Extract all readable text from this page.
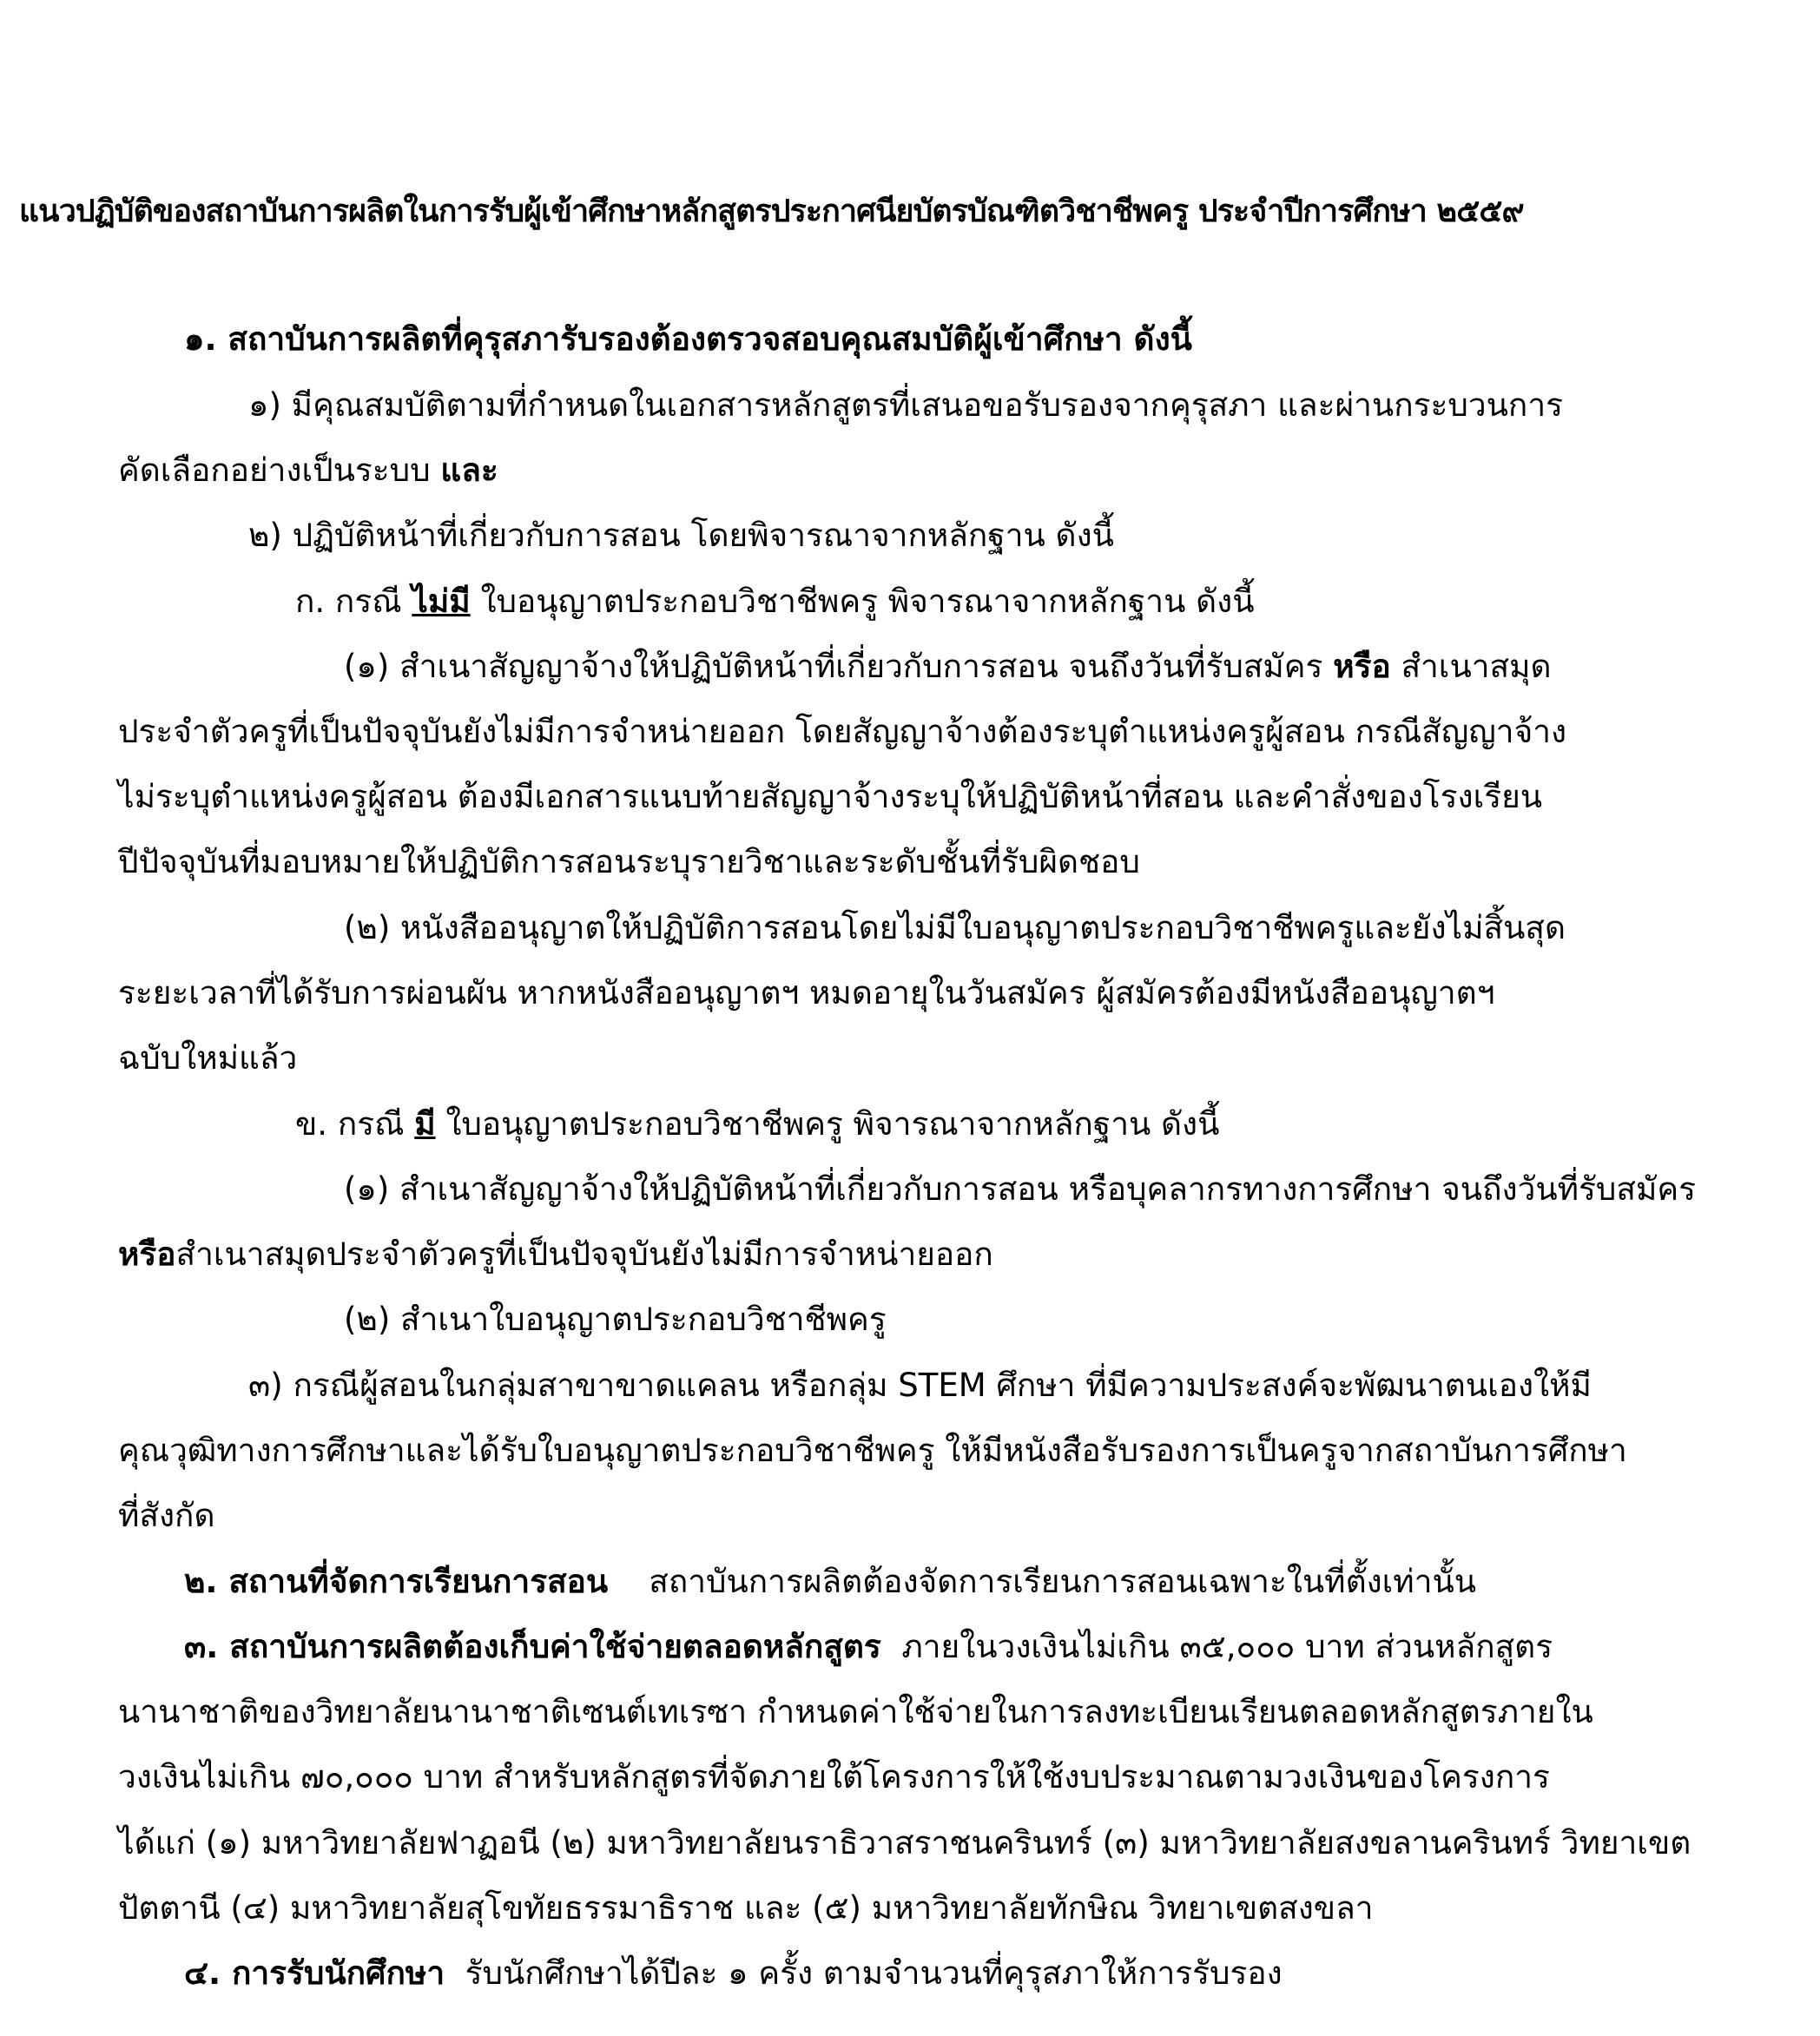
แนวปฏิบัติของสถาบันการผลิตในการรับผู้เข้าศึกษาหลักสูตรประกาศนียบัตรบัณฑิตวิชาชีพครู ประจำปีการศึกษา ๒๕๕๙
๑. สถาบันการผลิตที่คุรุสภารับรองต้องตรวจสอบคุณสมบัติผู้เข้าศึกษา ดังนี้
๑) มีคุณสมบัติตามที่กำหนดในเอกสารหลักสูตรที่เสนอขอรับรองจากคุรุสภา และผ่านกระบวนการ
คัดเลือกอย่างเป็นระบบ และ
๒) ปฏิบัติหน้าที่เกี่ยวกับการสอน โดยพิจารณาจากหลักฐาน ดังนี้
ก. กรณี ไม่มี ใบอนุญาตประกอบวิชาชีพครู พิจารณาจากหลักฐาน ดังนี้
(๑) สำเนาสัญญาจ้างให้ปฏิบัติหน้าที่เกี่ยวกับการสอน จนถึงวันที่รับสมัคร หรือ สำเนาสมุด
ประจำตัวครูที่เป็นปัจจุบันยังไม่มีการจำหน่ายออก โดยสัญญาจ้างต้องระบุตำแหน่งครูผู้สอน กรณีสัญญาจ้าง
ไม่ระบุตำแหน่งครูผู้สอน ต้องมีเอกสารแนบท้ายสัญญาจ้างระบุให้ปฏิบัติหน้าที่สอน และคำสั่งของโรงเรียน
ปีปัจจุบันที่มอบหมายให้ปฏิบัติการสอนระบุรายวิชาและระดับชั้นที่รับผิดชอบ
(๒) หนังสืออนุญาตให้ปฏิบัติการสอนโดยไม่มีใบอนุญาตประกอบวิชาชีพครูและยังไม่สิ้นสุด
ระยะเวลาที่ได้รับการผ่อนผัน หากหนังสืออนุญาตฯ หมดอายุในวันสมัคร ผู้สมัครต้องมีหนังสืออนุญาตฯ
ฉบับใหม่แล้ว
ข. กรณี มี ใบอนุญาตประกอบวิชาชีพครู พิจารณาจากหลักฐาน ดังนี้
(๑) สำเนาสัญญาจ้างให้ปฏิบัติหน้าที่เกี่ยวกับการสอน หรือบุคลากรทางการศึกษา จนถึงวันที่รับสมัคร
หรือสำเนาสมุดประจำตัวครูที่เป็นปัจจุบันยังไม่มีการจำหน่ายออก
(๒) สำเนาใบอนุญาตประกอบวิชาชีพครู
๓) กรณีผู้สอนในกลุ่มสาขาขาดแคลน หรือกลุ่ม STEM ศึกษา ที่มีความประสงค์จะพัฒนาตนเองให้มี
คุณวุฒิทางการศึกษาและได้รับใบอนุญาตประกอบวิชาชีพครู ให้มีหนังสือรับรองการเป็นครูจากสถาบันการศึกษา
ที่สังกัด
๒. สถานที่จัดการเรียนการสอน สถาบันการผลิตต้องจัดการเรียนการสอนเฉพาะในที่ตั้งเท่านั้น
๓. สถาบันการผลิตต้องเก็บค่าใช้จ่ายตลอดหลักสูตร ภายในวงเงินไม่เกิน ๓๕,๐๐๐ บาท ส่วนหลักสูตร
นานาชาติของวิทยาลัยนานาชาติเซนต์เทเรซา กำหนดค่าใช้จ่ายในการลงทะเบียนเรียนตลอดหลักสูตรภายใน
วงเงินไม่เกิน ๗๐,๐๐๐ บาท สำหรับหลักสูตรที่จัดภายใต้โครงการให้ใช้งบประมาณตามวงเงินของโครงการ
ได้แก่ (๑) มหาวิทยาลัยฟาฏอนี (๒) มหาวิทยาลัยนราธิวาสราชนครินทร์ (๓) มหาวิทยาลัยสงขลานครินทร์ วิทยาเขต
ปัตตานี (๔) มหาวิทยาลัยสุโขทัยธรรมาธิราช และ (๕) มหาวิทยาลัยทักษิณ วิทยาเขตสงขลา
๔. การรับนักศึกษา รับนักศึกษาได้ปีละ ๑ ครั้ง ตามจำนวนที่คุรุสภาให้การรับรอง
